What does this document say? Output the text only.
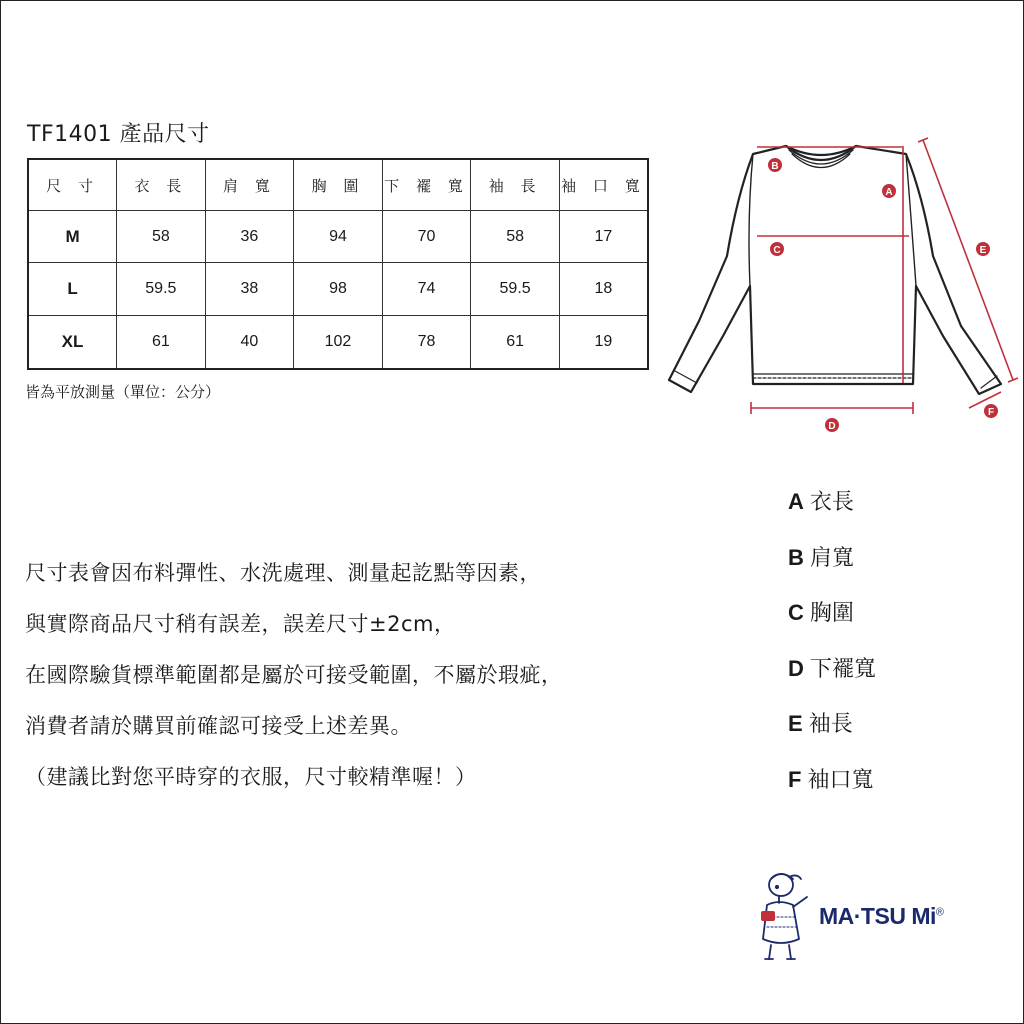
TF1401 產品尺寸
尺 寸	衣 長	肩 寬	胸 圍	下 襬 寬	袖 長	袖 口 寬
M	58	36	94	70	58	17
L	59.5	38	98	74	59.5	18
XL	61	40	102	78	61	19
皆為平放測量（單位：公分）
B
A
C	E
D
F
尺寸表會因布料彈性、水洗處理、測量起訖點等因素，
與實際商品尺寸稍有誤差，誤差尺寸±2cm，
在國際驗貨標準範圍都是屬於可接受範圍，不屬於瑕疵，
消費者請於購買前確認可接受上述差異。
（建議比對您平時穿的衣服，尺寸較精準喔！）
A 衣長
B 肩寬
C 胸圍
D 下襬寬
E 袖長
F 袖口寬
MA·TSU Mi®
